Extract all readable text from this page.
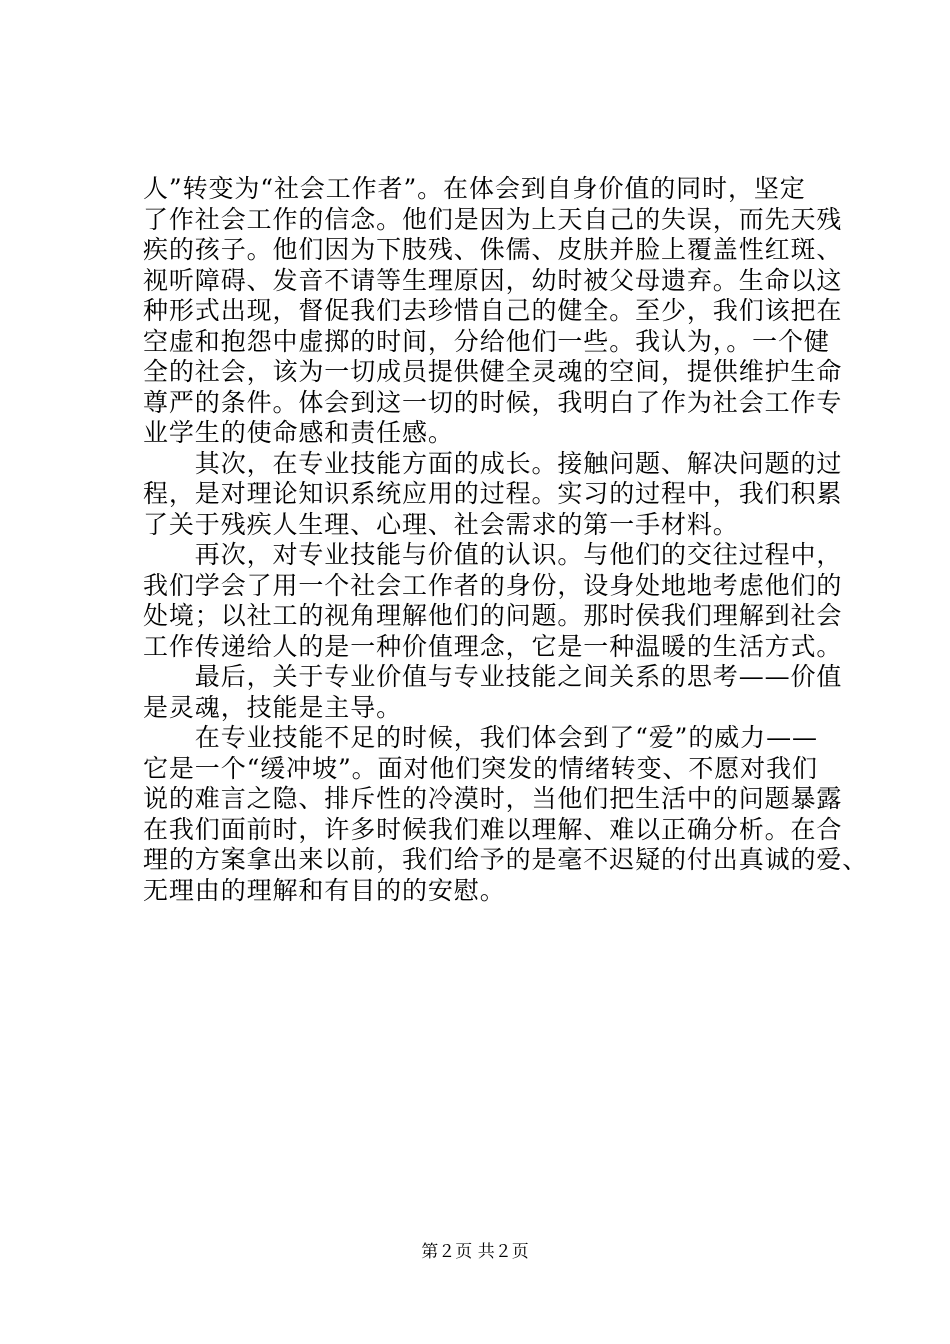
人”转变为“社会工作者”。在体会到自身价值的同时，坚定
了作社会工作的信念。他们是因为上天自己的失误，而先天残
疾的孩子。他们因为下肢残、侏儒、皮肤并脸上覆盖性红斑、
视听障碍、发音不请等生理原因，幼时被父母遗弃。生命以这
种形式出现，督促我们去珍惜自己的健全。至少，我们该把在
空虚和抱怨中虚掷的时间，分给他们一些。我认为，。一个健
全的社会，该为一切成员提供健全灵魂的空间，提供维护生命
尊严的条件。体会到这一切的时候，我明白了作为社会工作专
业学生的使命感和责任感。
　　其次，在专业技能方面的成长。接触问题、解决问题的过
程，是对理论知识系统应用的过程。实习的过程中，我们积累
了关于残疾人生理、心理、社会需求的第一手材料。
　　再次，对专业技能与价值的认识。与他们的交往过程中，
我们学会了用一个社会工作者的身份，设身处地地考虑他们的
处境；以社工的视角理解他们的问题。那时侯我们理解到社会
工作传递给人的是一种价值理念，它是一种温暖的生活方式。
　　最后，关于专业价值与专业技能之间关系的思考——价值
是灵魂，技能是主导。
　　在专业技能不足的时候，我们体会到了“爱”的威力——
它是一个“缓冲坡”。面对他们突发的情绪转变、不愿对我们
说的难言之隐、排斥性的冷漠时，当他们把生活中的问题暴露
在我们面前时，许多时候我们难以理解、难以正确分析。在合
理的方案拿出来以前，我们给予的是毫不迟疑的付出真诚的爱、
无理由的理解和有目的的安慰。
第２页 共２页
